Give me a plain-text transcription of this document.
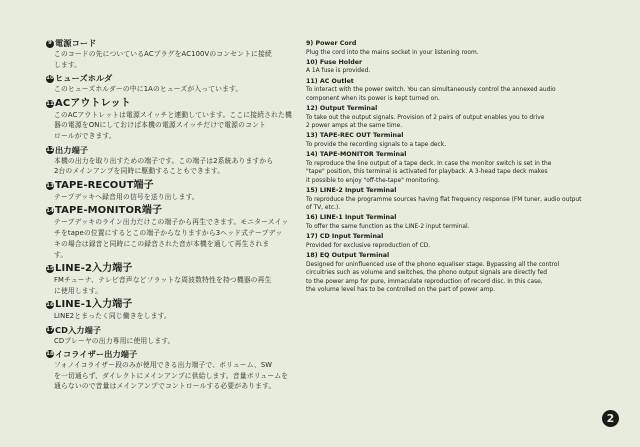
9 電源コード
このコードの先についているACプラグをAC100Vのコンセントに接続
します。
10 ヒューズホルダ
このヒューズホルダーの中に1Aのヒューズが入っています。
11 ACアウトレット
このACアウトレットは電源スイッチと連動しています。ここに接続された機
器の電源をONにしておけば本機の電源スイッチだけで電源のコント
ロールができます。
12 出力端子
本機の出力を取り出すための端子です。この端子は2系統ありますから
2台のメインアンプを同時に駆動することもできます。
13 TAPE-RECOUT端子
テープデッキへ録音用の信号を送り出します。
14 TAPE-MONITOR端子
テープデッキのライン出力だけこの端子から再生できます。モニタースイッ
チをtapeの位置にするとこの端子からなりますから3ヘッド式テープデッ
キの場合は録音と同時にこの録音された音が本機を通して再生されま
す。
15 LINE-2入力端子
FMチューナ、テレビ音声などフラットな周波数特性を持つ機器の再生
に使用します。
16 LINE-1入力端子
LINE2とまったく同じ働きをします。
17 CD入力端子
CDプレーヤの出力専用に使用します。
18 イコライザー出力端子
フォノイコライザー段のみが使用できる出力端子で、ボリューム、SW
を一切通らず、ダイレクトにメインアンプに供給します。音量ボリュームを
通らないので音量はメインアンプでコントロールする必要があります。
9) Power Cord
Plug the cord into the mains socket in your listening room.
10) Fuse Holder
A 1A fuse is provided.
11) AC Outlet
To interact with the power switch. You can simultaneously control the annexed audio
component when its power is kept turned on.
12) Output Terminal
To take out the output signals. Provision of 2 pairs of output enables you to drive
2 power amps at the same time.
13) TAPE-REC OUT Terminal
To provide the recording signals to a tape deck.
14) TAPE-MONITOR Terminal
To reproduce the line output of a tape deck. In case the monitor switch is set in the
"tape" position, this terminal is activated for playback. A 3-head tape deck makes
it possible to enjoy "off-the-tape" monitoring.
15) LINE-2 Input Terminal
To reproduce the programme sources having flat frequency response (FM tuner, audio output
of TV, etc.).
16) LINE-1 Input Terminal
To offer the same function as the LINE-2 input terminal.
17) CD Input Terminal
Provided for exclusive reproduction of CD.
18) EQ Output Terminal
Designed for uninfluenced use of the phono equaliser stage. Bypassing all the control
circuitries such as volume and switches, the phono output signals are directly fed
to the power amp for pure, immaculate reproduction of record disc. In this case,
the volume level has to be controlled on the part of power amp.
2
